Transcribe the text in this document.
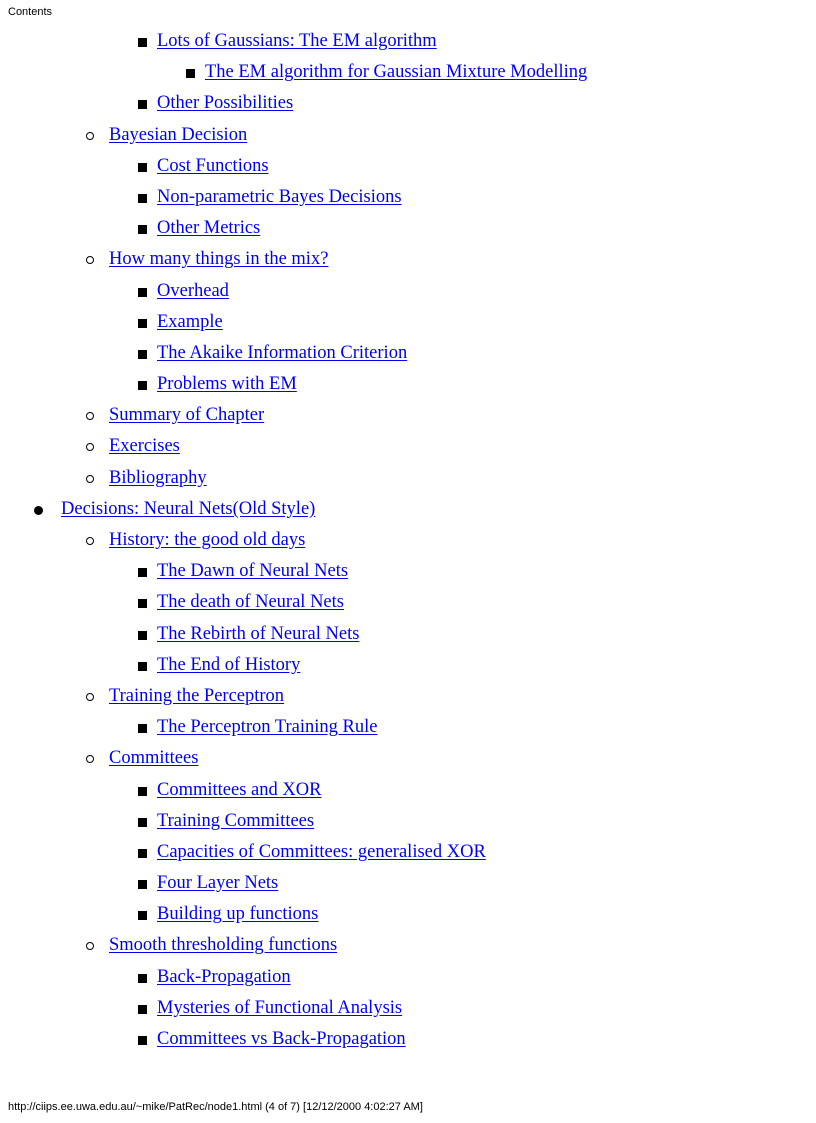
Contents
Lots of Gaussians: The EM algorithm
The EM algorithm for Gaussian Mixture Modelling
Other Possibilities
Bayesian Decision
Cost Functions
Non-parametric Bayes Decisions
Other Metrics
How many things in the mix?
Overhead
Example
The Akaike Information Criterion
Problems with EM
Summary of Chapter
Exercises
Bibliography
Decisions: Neural Nets(Old Style)
History: the good old days
The Dawn of Neural Nets
The death of Neural Nets
The Rebirth of Neural Nets
The End of History
Training the Perceptron
The Perceptron Training Rule
Committees
Committees and XOR
Training Committees
Capacities of Committees: generalised XOR
Four Layer Nets
Building up functions
Smooth thresholding functions
Back-Propagation
Mysteries of Functional Analysis
Committees vs Back-Propagation
http://ciips.ee.uwa.edu.au/~mike/PatRec/node1.html (4 of 7) [12/12/2000 4:02:27 AM]
